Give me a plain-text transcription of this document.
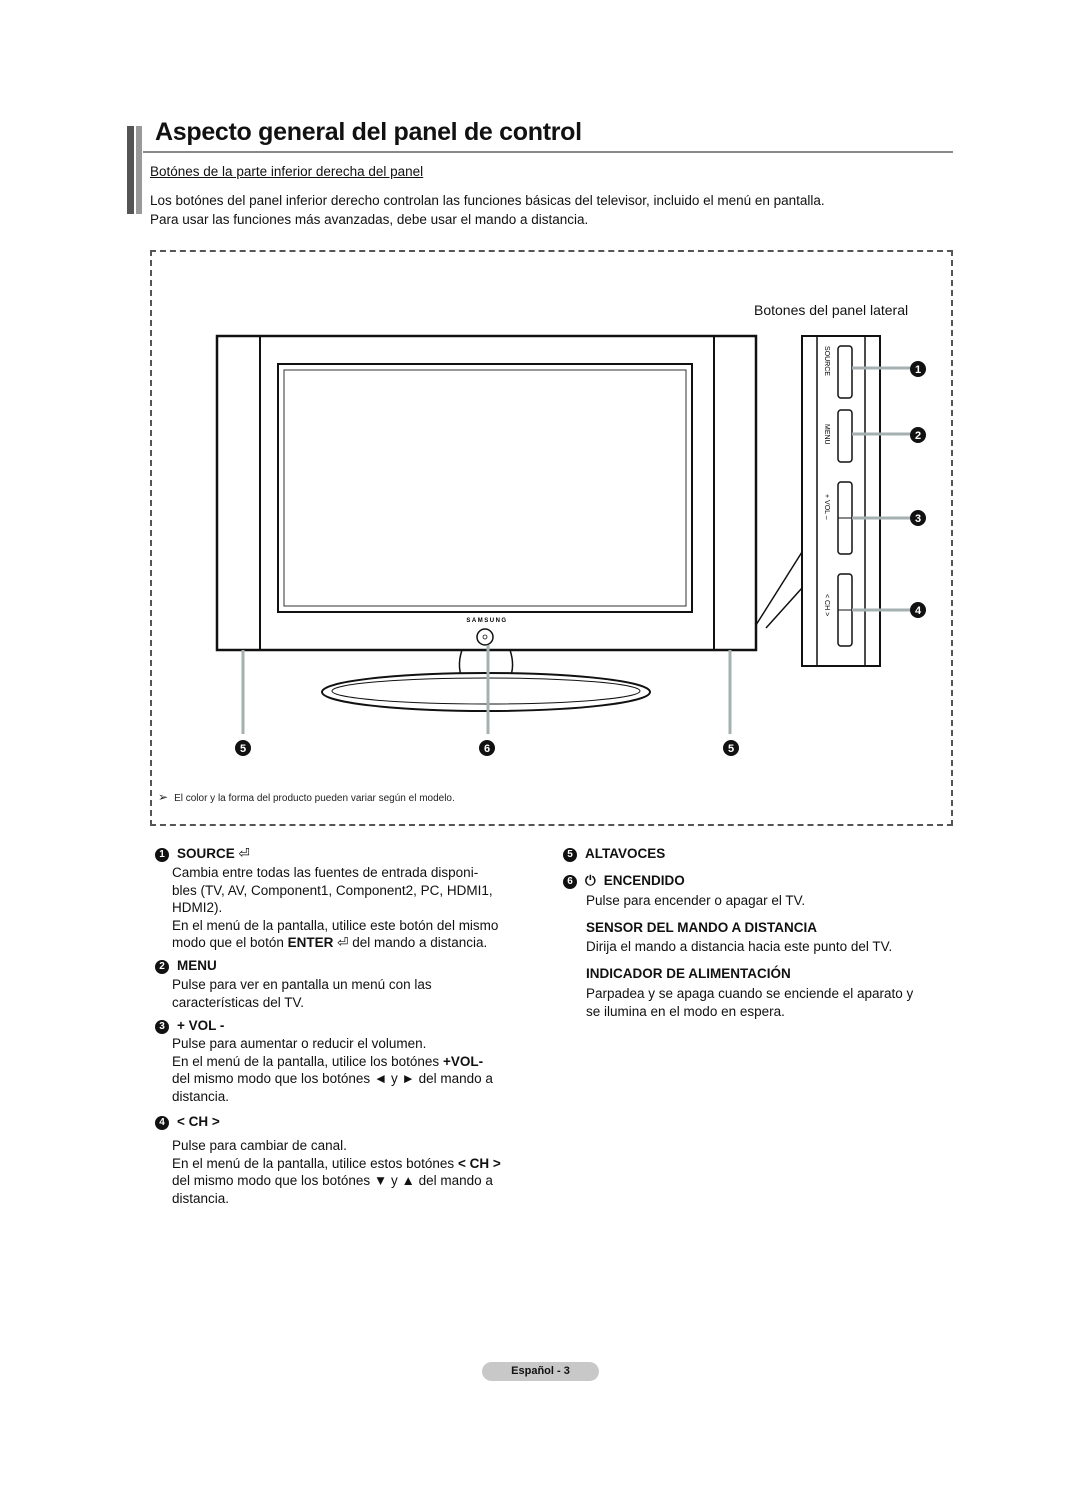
Aspecto general del panel de control
Botónes de la parte inferior derecha del panel
Los botónes del panel inferior derecho controlan las funciones básicas del televisor, incluido el menú en pantalla.
Para usar las funciones más avanzadas, debe usar el mando a distancia.
Botones del panel lateral
SAMSUNG
SOURCE
MENU
+ VOL –
< CH >
1
2
3
4
5	6	5
➢ El color y la forma del producto pueden variar según el modelo.
1 SOURCE ⏎
Cambia entre todas las fuentes de entrada disponi-
bles (TV, AV, Component1, Component2, PC, HDMI1,
HDMI2).
En el menú de la pantalla, utilice este botón del mismo
modo que el botón ENTER ⏎ del mando a distancia.
2 MENU
Pulse para ver en pantalla un menú con las
características del TV.
3 + VOL -
Pulse para aumentar o reducir el volumen.
En el menú de la pantalla, utilice los botónes +VOL-
del mismo modo que los botónes ◄ y ► del mando a
distancia.
4 < CH >
Pulse para cambiar de canal.
En el menú de la pantalla, utilice estos botónes < CH >
del mismo modo que los botónes ▼ y ▲ del mando a
distancia.
5 ALTAVOCES
6 ⏻ ENCENDIDO
Pulse para encender o apagar el TV.
SENSOR DEL MANDO A DISTANCIA
Dirija el mando a distancia hacia este punto del TV.
INDICADOR DE ALIMENTACIÓN
Parpadea y se apaga cuando se enciende el aparato y
se ilumina en el modo en espera.
Español - 3
